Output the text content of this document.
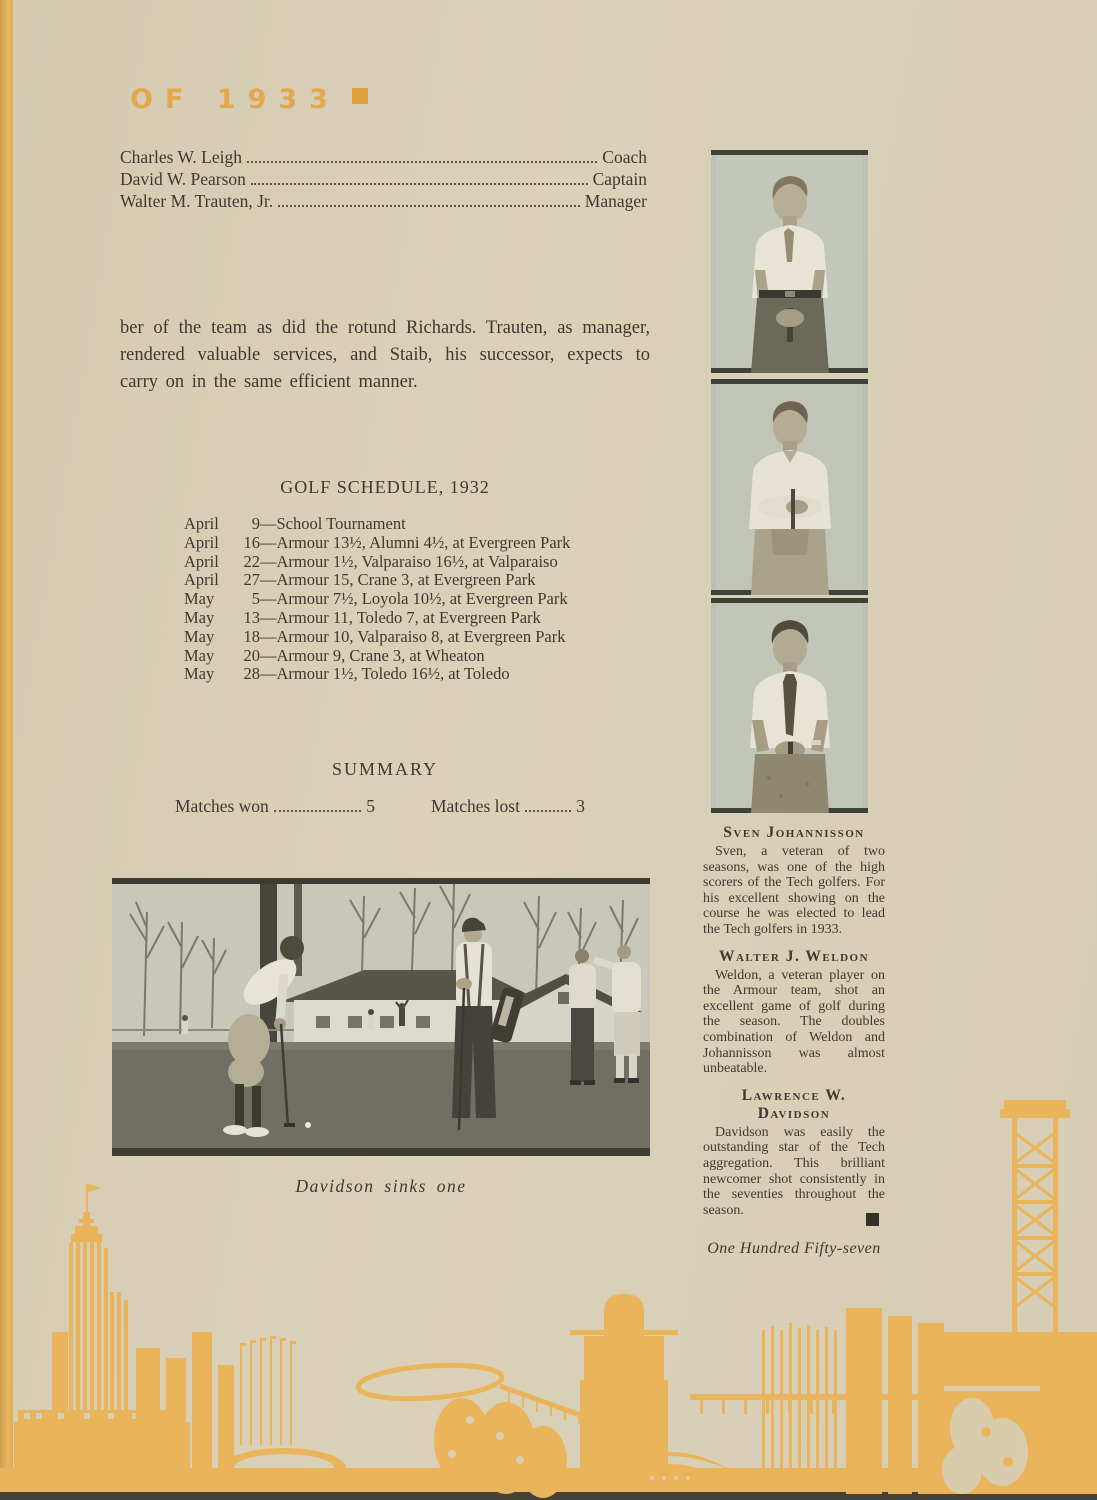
OF 1933
Charles W. Leigh	Coach
David W. Pearson	Captain
Walter M. Trauten, Jr.	Manager

ber of the team as did the rotund Richards. Trauten, as manager, rendered valuable services, and Staib, his successor, expects to carry on in the same efficient manner.

GOLF SCHEDULE, 1932
April	9 —School Tournament
April	16 —Armour 13½, Alumni 4½, at Evergreen Park
April	22 —Armour 1½, Valparaiso 16½, at Valparaiso
April	27 —Armour 15, Crane 3, at Evergreen Park
May	5 —Armour 7½, Loyola 10½, at Evergreen Park
May	13 —Armour 11, Toledo 7, at Evergreen Park
May	18 —Armour 10, Valparaiso 8, at Evergreen Park
May	20 —Armour 9, Crane 3, at Wheaton
May	28 —Armour 1½, Toledo 16½, at Toledo
SUMMARY
Matches won	5	Matches lost	3
Davidson sinks one
Sven Johannisson

Sven, a veteran of two seasons, was one of the high scorers of the Tech golfers. For his excellent showing on the course he was elected to lead the Tech golfers in 1933.

Walter J. Weldon

Weldon, a veteran player on the Armour team, shot an excellent game of golf during the season. The doubles combination of Weldon and Johannisson was almost unbeatable.

Lawrence W. Davidson

Davidson was easily the outstanding star of the Tech aggregation. This brilliant newcomer shot consistently in the seventies throughout the season.

One Hundred Fifty-seven
